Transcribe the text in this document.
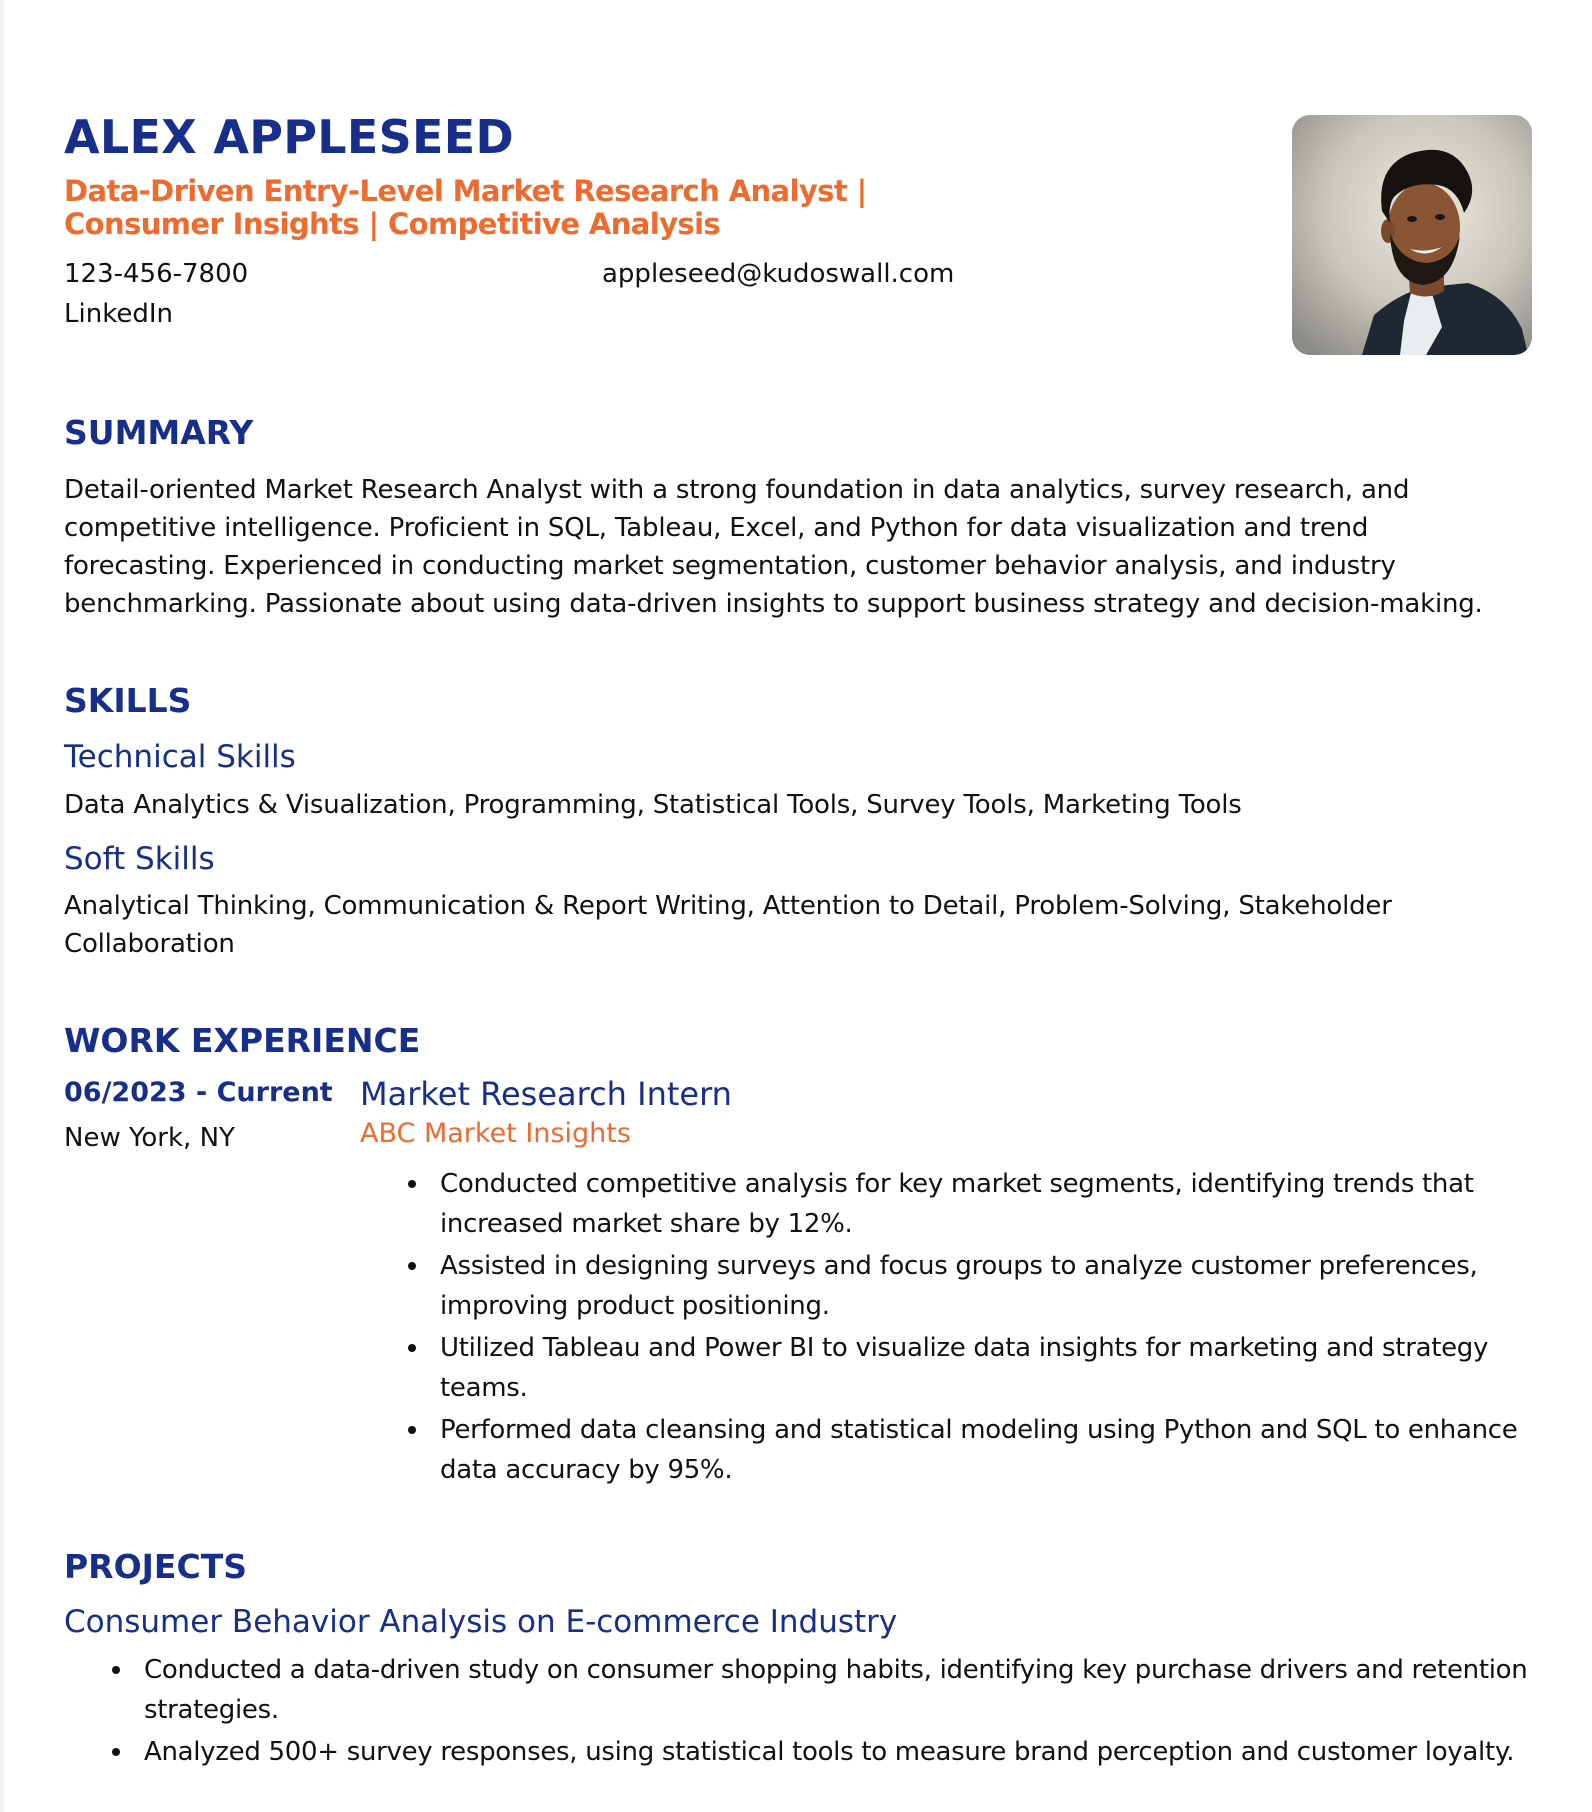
ALEX APPLESEED

Data-Driven Entry-Level Market Research Analyst | Consumer Insights | Competitive Analysis

123-456-7800	appleseed@kudoswall.com
LinkedIn
SUMMARY

Detail-oriented Market Research Analyst with a strong foundation in data analytics, survey research, and competitive intelligence. Proficient in SQL, Tableau, Excel, and Python for data visualization and trend forecasting. Experienced in conducting market segmentation, customer behavior analysis, and industry benchmarking. Passionate about using data-driven insights to support business strategy and decision-making.

SKILLS
Technical Skills

Data Analytics & Visualization, Programming, Statistical Tools, Survey Tools, Marketing Tools

Soft Skills

Analytical Thinking, Communication & Report Writing, Attention to Detail, Problem-Solving, Stakeholder Collaboration

WORK EXPERIENCE
06/2023 - Current
New York, NY
Market Research Intern
ABC Market Insights
Conducted competitive analysis for key market segments, identifying trends that increased market share by 12%.
Assisted in designing surveys and focus groups to analyze customer preferences, improving product positioning.
Utilized Tableau and Power BI to visualize data insights for marketing and strategy teams.
Performed data cleansing and statistical modeling using Python and SQL to enhance data accuracy by 95%.
PROJECTS
Consumer Behavior Analysis on E-commerce Industry
Conducted a data-driven study on consumer shopping habits, identifying key purchase drivers and retention strategies.
Analyzed 500+ survey responses, using statistical tools to measure brand perception and customer loyalty.
